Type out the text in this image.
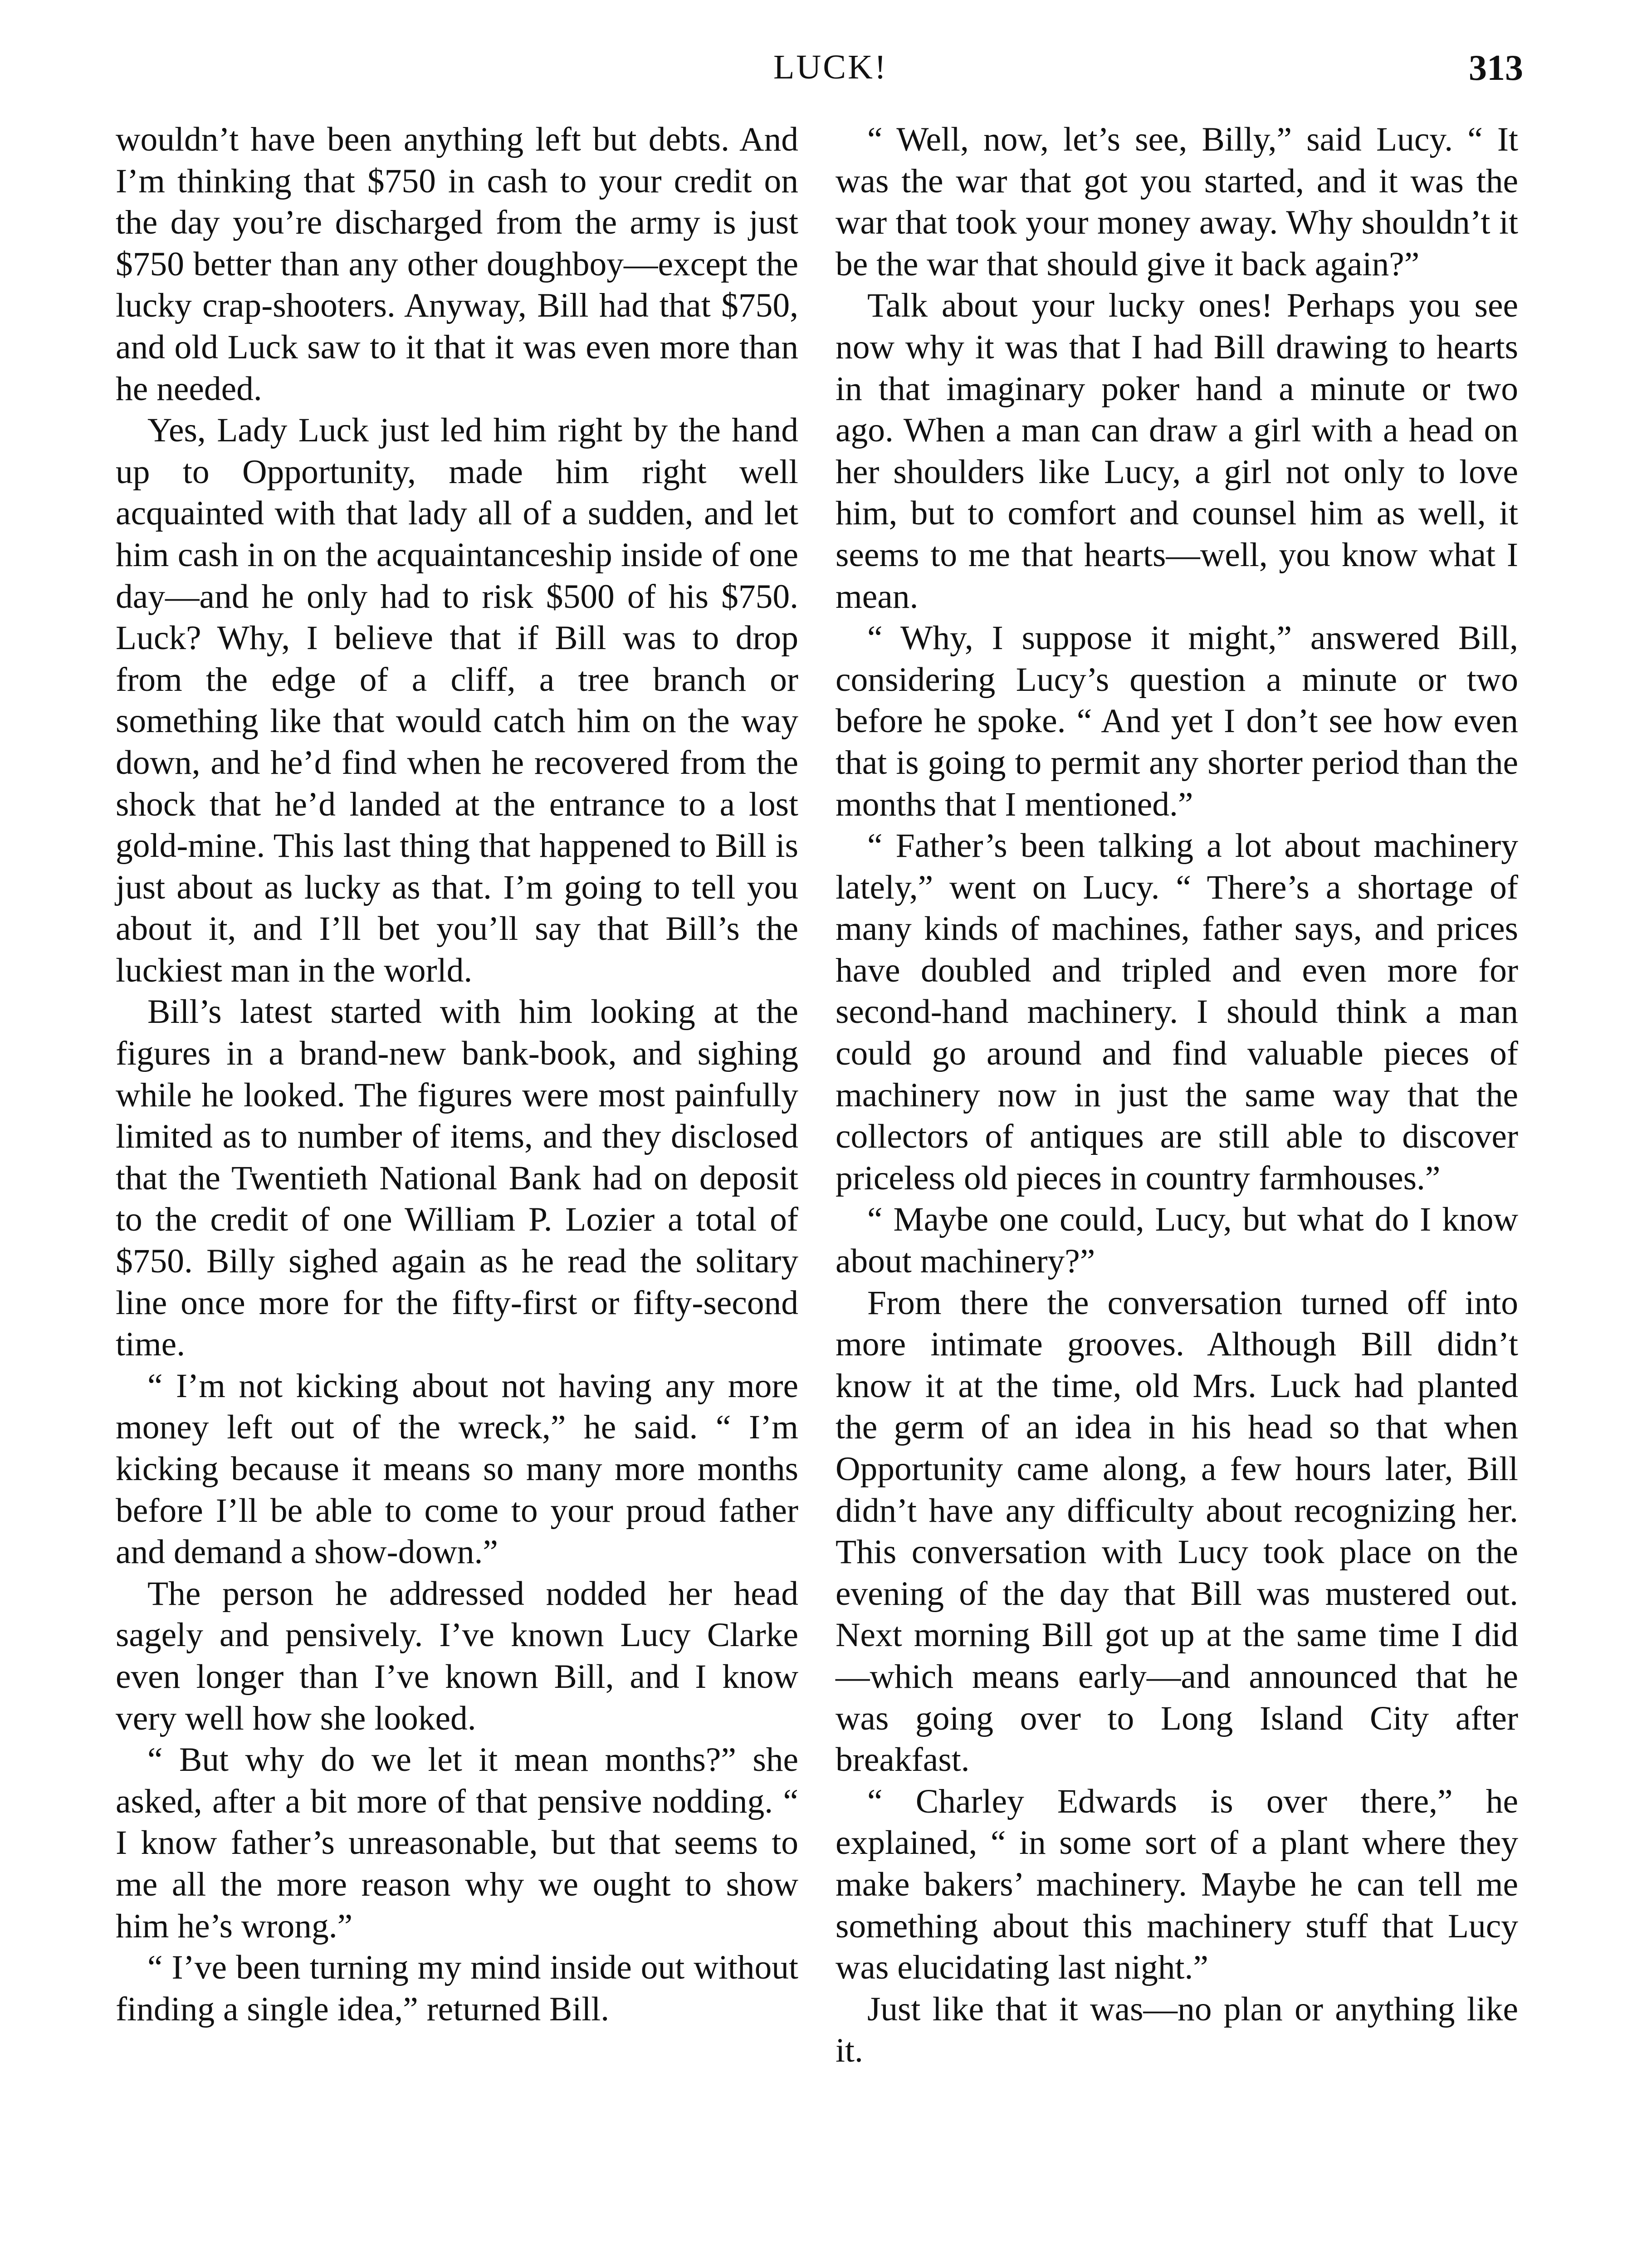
LUCK!	313

wouldn’t have been anything left but debts. And I’m thinking that $750 in cash to your credit on the day you’re discharged from the army is just $750 better than any other doughboy—except the lucky crap-shooters. Anyway, Bill had that $750, and old Luck saw to it that it was even more than he needed.

Yes, Lady Luck just led him right by the hand up to Opportunity, made him right well acquainted with that lady all of a sudden, and let him cash in on the acquaintanceship inside of one day—and he only had to risk $500 of his $750. Luck? Why, I believe that if Bill was to drop from the edge of a cliff, a tree branch or something like that would catch him on the way down, and he’d find when he recovered from the shock that he’d landed at the entrance to a lost gold-mine. This last thing that happened to Bill is just about as lucky as that. I’m going to tell you about it, and I’ll bet you’ll say that Bill’s the luckiest man in the world.

Bill’s latest started with him looking at the figures in a brand-new bank-book, and sighing while he looked. The figures were most painfully limited as to number of items, and they disclosed that the Twentieth National Bank had on deposit to the credit of one William P. Lozier a total of $750. Billy sighed again as he read the solitary line once more for the fifty-first or fifty-second time.

“ I’m not kicking about not having any more money left out of the wreck,” he said. “ I’m kicking because it means so many more months before I’ll be able to come to your proud father and demand a show-down.”

The person he addressed nodded her head sagely and pensively. I’ve known Lucy Clarke even longer than I’ve known Bill, and I know very well how she looked.

“ But why do we let it mean months?” she asked, after a bit more of that pensive nodding. “ I know father’s unreasonable, but that seems to me all the more reason why we ought to show him he’s wrong.”

“ I’ve been turning my mind inside out without finding a single idea,” returned Bill.

“ Well, now, let’s see, Billy,” said Lucy. “ It was the war that got you started, and it was the war that took your money away. Why shouldn’t it be the war that should give it back again?”

Talk about your lucky ones! Perhaps you see now why it was that I had Bill drawing to hearts in that imaginary poker hand a minute or two ago. When a man can draw a girl with a head on her shoulders like Lucy, a girl not only to love him, but to comfort and counsel him as well, it seems to me that hearts—well, you know what I mean.

“ Why, I suppose it might,” answered Bill, considering Lucy’s question a minute or two before he spoke. “ And yet I don’t see how even that is going to permit any shorter period than the months that I mentioned.”

“ Father’s been talking a lot about machinery lately,” went on Lucy. “ There’s a shortage of many kinds of machines, father says, and prices have doubled and tripled and even more for second-hand machinery. I should think a man could go around and find valuable pieces of machinery now in just the same way that the collectors of antiques are still able to discover priceless old pieces in country farmhouses.”

“ Maybe one could, Lucy, but what do I know about machinery?”

From there the conversation turned off into more intimate grooves. Although Bill didn’t know it at the time, old Mrs. Luck had planted the germ of an idea in his head so that when Opportunity came along, a few hours later, Bill didn’t have any difficulty about recognizing her. This conversation with Lucy took place on the evening of the day that Bill was mustered out. Next morning Bill got up at the same time I did—which means early—and announced that he was going over to Long Island City after breakfast.

“ Charley Edwards is over there,” he explained, “ in some sort of a plant where they make bakers’ machinery. Maybe he can tell me something about this machinery stuff that Lucy was elucidating last night.”

Just like that it was—no plan or anything like it.
